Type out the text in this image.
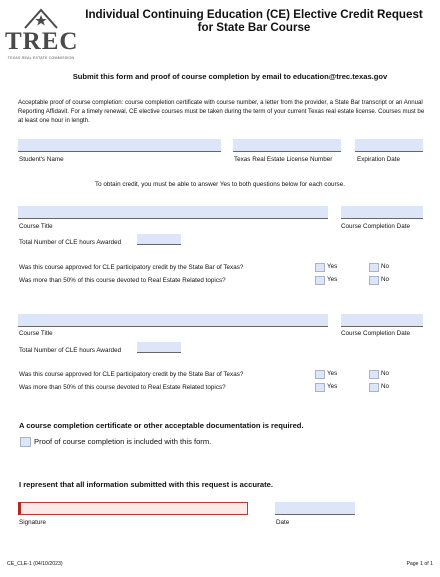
TREC
TEXAS REAL ESTATE COMMISSION
Individual Continuing Education (CE) Elective Credit Request
for State Bar Course
Submit this form and proof of course completion by email to education@trec.texas.gov
Acceptable proof of course completion: course completion certificate with course number, a letter from the provider, a State Bar transcript or an Annual Reporting Affidavit. For a timely renewal, CE elective courses must be taken during the term of your current Texas real estate license. Courses must be at least one hour in length.
Student's Name	Texas Real Estate License Number	Expiration Date
To obtain credit, you must be able to answer Yes to both questions below for each course.
Course Title	Course Completion Date
Total Number of CLE hours Awarded
Was this course approved for CLE participatory credit by the State Bar of Texas?	Yes	No
Was more than 50% of this course devoted to Real Estate Related topics?	Yes	No
Course Title	Course Completion Date
Total Number of CLE hours Awarded
Was this course approved for CLE participatory credit by the State Bar of Texas?	Yes	No
Was more than 50% of this course devoted to Real Estate Related topics?	Yes	No
A course completion certificate or other acceptable documentation is required.
Proof of course completion is included with this form.
I represent that all information submitted with this request is accurate.
Signature	Date
CE_CLE-1 (04/10/2023)	Page 1 of 1
